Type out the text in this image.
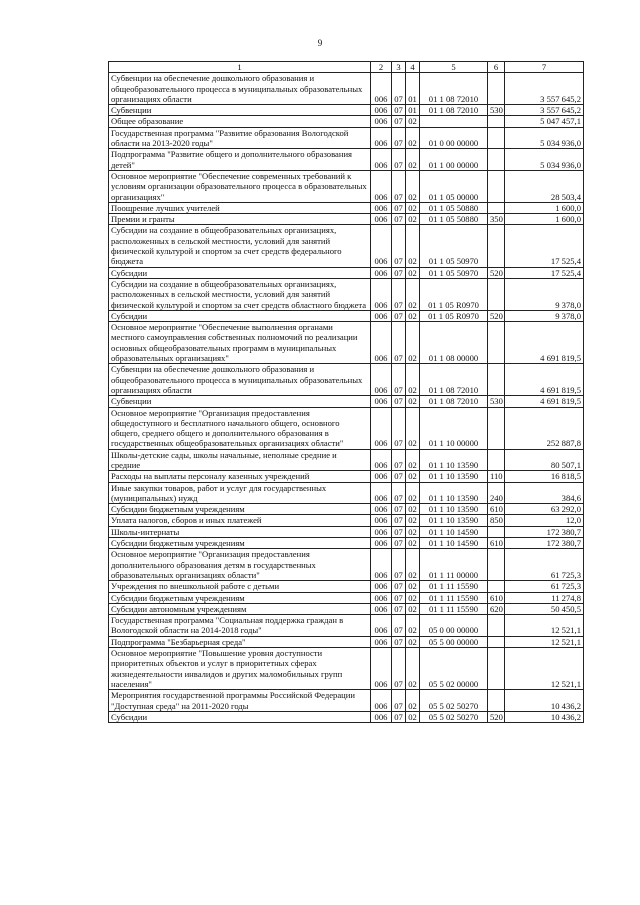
9
1	2	3	4	5	6	7
Субвенции на обеспечение дошкольного образования и общеобразовательного процесса в муниципальных образовательных организациях области	006	07	01	01 1 08 72010		3 557 645,2
Субвенции	006	07	01	01 1 08 72010	530	3 557 645,2
Общее образование	006	07	02			5 047 457,1
Государственная программа "Развитие образования Вологодской области на 2013-2020 годы"	006	07	02	01 0 00 00000		5 034 936,0
Подпрограмма "Развитие общего и дополнительного образования детей"	006	07	02	01 1 00 00000		5 034 936,0
Основное мероприятие "Обеспечение современных требований к условиям организации образовательного процесса в образовательных организациях"	006	07	02	01 1 05 00000		28 503,4
Поощрение лучших учителей	006	07	02	01 1 05 50880		1 600,0
Премии и гранты	006	07	02	01 1 05 50880	350	1 600,0
Субсидии на создание в общеобразовательных организациях, расположенных в сельской местности, условий для занятий физической культурой и спортом за счет средств федерального бюджета	006	07	02	01 1 05 50970		17 525,4
Субсидии	006	07	02	01 1 05 50970	520	17 525,4
Субсидии на создание в общеобразовательных организациях, расположенных в сельской местности, условий для занятий физической культурой и спортом за счет средств областного бюджета	006	07	02	01 1 05 R0970		9 378,0
Субсидии	006	07	02	01 1 05 R0970	520	9 378,0
Основное мероприятие "Обеспечение выполнения органами местного самоуправления собственных полномочий по реализации основных общеобразовательных программ в муниципальных образовательных организациях"	006	07	02	01 1 08 00000		4 691 819,5
Субвенции на обеспечение дошкольного образования и общеобразовательного процесса в муниципальных образовательных организациях области	006	07	02	01 1 08 72010		4 691 819,5
Субвенции	006	07	02	01 1 08 72010	530	4 691 819,5
Основное мероприятие "Организация предоставления общедоступного и бесплатного начального общего, основного общего, среднего общего и дополнительного образования в государственных общеобразовательных организациях области"	006	07	02	01 1 10 00000		252 887,8
Школы-детские сады, школы начальные, неполные средние и средние	006	07	02	01 1 10 13590		80 507,1
Расходы на выплаты персоналу казенных учреждений	006	07	02	01 1 10 13590	110	16 818,5
Иные закупки товаров, работ и услуг для государственных (муниципальных) нужд	006	07	02	01 1 10 13590	240	384,6
Субсидии бюджетным учреждениям	006	07	02	01 1 10 13590	610	63 292,0
Уплата налогов, сборов и иных платежей	006	07	02	01 1 10 13590	850	12,0
Школы-интернаты	006	07	02	01 1 10 14590		172 380,7
Субсидии бюджетным учреждениям	006	07	02	01 1 10 14590	610	172 380,7
Основное мероприятие "Организация предоставления дополнительного образования детям в государственных образовательных организациях области"	006	07	02	01 1 11 00000		61 725,3
Учреждения по внешкольной работе с детьми	006	07	02	01 1 11 15590		61 725,3
Субсидии бюджетным учреждениям	006	07	02	01 1 11 15590	610	11 274,8
Субсидии автономным учреждениям	006	07	02	01 1 11 15590	620	50 450,5
Государственная программа "Социальная поддержка граждан в Вологодской области на 2014-2018 годы"	006	07	02	05 0 00 00000		12 521,1
Подпрограмма "Безбарьерная среда"	006	07	02	05 5 00 00000		12 521,1
Основное мероприятие "Повышение уровня доступности приоритетных объектов и услуг в приоритетных сферах жизнедеятельности инвалидов и других маломобильных групп населения"	006	07	02	05 5 02 00000		12 521,1
Мероприятия государственной программы Российской Федерации "Доступная среда" на 2011-2020 годы	006	07	02	05 5 02 50270		10 436,2
Субсидии	006	07	02	05 5 02 50270	520	10 436,2
